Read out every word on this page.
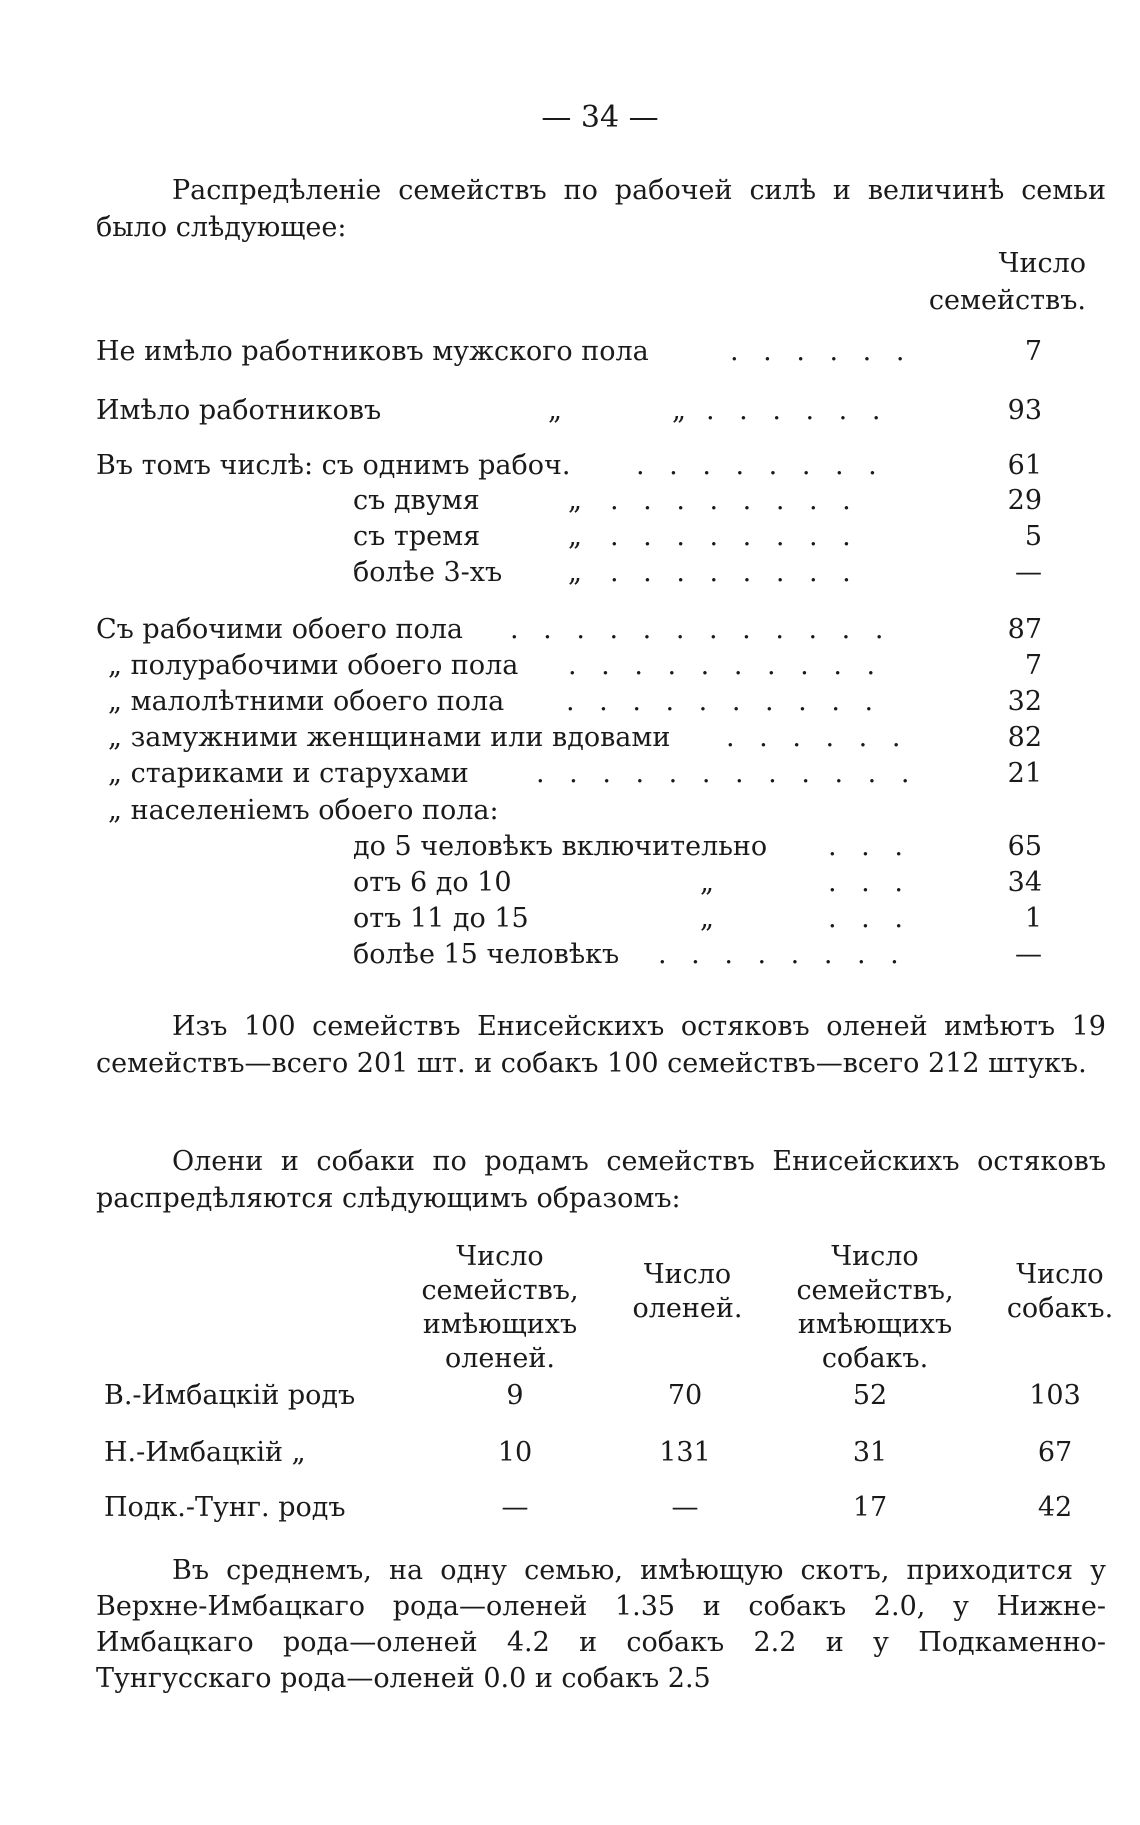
— 34 —
Распредѣленіе семействъ по рабочей силѣ и величинѣ семьи было слѣдующее:
Число
семействъ.
Не имѣло работниковъ мужского пола	. . . . . .	7
Имѣло работниковъ	„	„ . . . . . .	93
Въ томъ числѣ: съ однимъ рабоч. . . . . . . . .	61
съ двумя	„ . . . . . . . .	29
съ тремя	„ . . . . . . . .	5
болѣе 3-хъ „ . . . . . . . .	—
Съ рабочими обоего пола . . . . . . . . . . . .	87
„ полурабочими обоего пола . . . . . . . . . .	7
„ малолѣтними обоего пола . . . . . . . . . .	32
„ замужними женщинами или вдовами . . . . . .	82
„ стариками и старухами . . . . . . . . . . . .	21
„ населеніемъ обоего пола:
до 5 человѣкъ включительно . . .	65
отъ 6 до 10	„	. . .	34
отъ 11 до 15	„	. . .	1
болѣе 15 человѣкъ . . . . . . . .	—
Изъ 100 семействъ Енисейскихъ остяковъ оленей имѣютъ 19 семействъ—всего 201 шт. и собакъ 100 семействъ—всего 212 штукъ.
Олени и собаки по родамъ семействъ Енисейскихъ остяковъ распредѣляются слѣдующимъ образомъ:
Число семействъ, имѣющихъ оленей.
Число оленей.
Число семействъ, имѣющихъ собакъ.
Число собакъ.
В.-Имбацкій родъ	9	70	52	103
Н.-Имбацкій „	10	131	31	67
Подк.-Тунг. родъ	—	—	17	42
Въ среднемъ, на одну семью, имѣющую скотъ, приходится у Верхне-Имбацкаго рода—оленей 1.35 и собакъ 2.0, у Нижне-Имбацкаго рода—оленей 4.2 и собакъ 2.2 и у Подкаменно-Тунгусскаго рода—оленей 0.0 и собакъ 2.5
